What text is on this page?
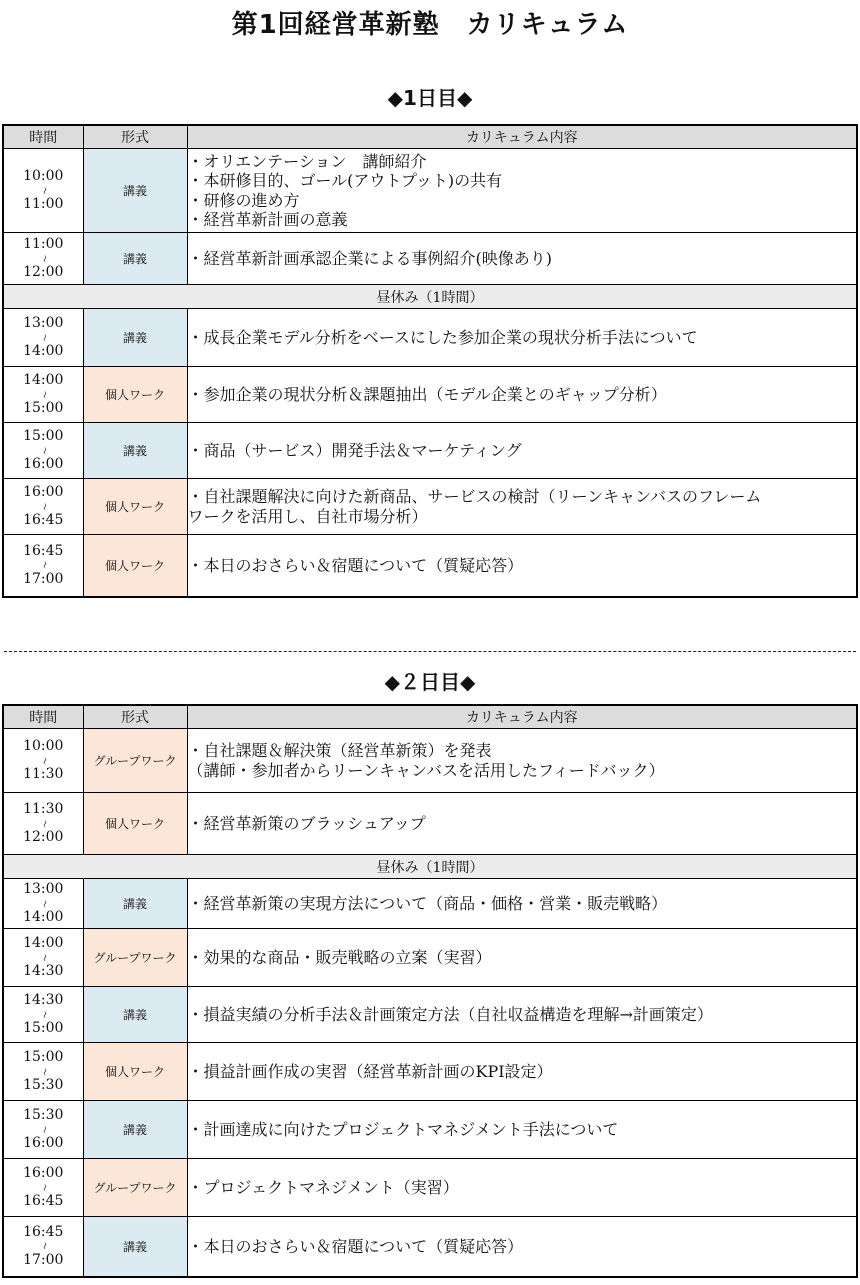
第1回経営革新塾　カリキュラム
◆1日目◆
時間	形式	カリキュラム内容

10:00
〜
11:00	講義	・オリエンテーション　講師紹介
・本研修目的、ゴール(アウトプット)の共有
・研修の進め方
・経営革新計画の意義

11:00
〜
12:00	講義	・経営革新計画承認企業による事例紹介(映像あり)

昼休み（1時間）		

13:00
〜
14:00	講義	・成長企業モデル分析をベースにした参加企業の現状分析手法について

14:00
〜
15:00	個人ワーク	・参加企業の現状分析＆課題抽出（モデル企業とのギャップ分析）

15:00
〜
16:00	講義	・商品（サービス）開発手法＆マーケティング

16:00
〜
16:45	個人ワーク	・自社課題解決に向けた新商品、サービスの検討（リーンキャンバスのフレーム
ワークを活用し、自社市場分析）

16:45
〜
17:00	個人ワーク	・本日のおさらい＆宿題について（質疑応答）
◆２日目◆
時間	形式	カリキュラム内容

10:00
〜
11:30	グループワーク	・自社課題＆解決策（経営革新策）を発表
（講師・参加者からリーンキャンバスを活用したフィードバック）

11:30
〜
12:00	個人ワーク	・経営革新策のブラッシュアップ

昼休み（1時間）		

13:00
〜
14:00	講義	・経営革新策の実現方法について（商品・価格・営業・販売戦略）

14:00
〜
14:30	グループワーク	・効果的な商品・販売戦略の立案（実習）

14:30
〜
15:00	講義	・損益実績の分析手法＆計画策定方法（自社収益構造を理解→計画策定）

15:00
〜
15:30	個人ワーク	・損益計画作成の実習（経営革新計画のKPI設定）

15:30
〜
16:00	講義	・計画達成に向けたプロジェクトマネジメント手法について

16:00
〜
16:45	グループワーク	・プロジェクトマネジメント（実習）

16:45
〜
17:00	講義	・本日のおさらい＆宿題について（質疑応答）
